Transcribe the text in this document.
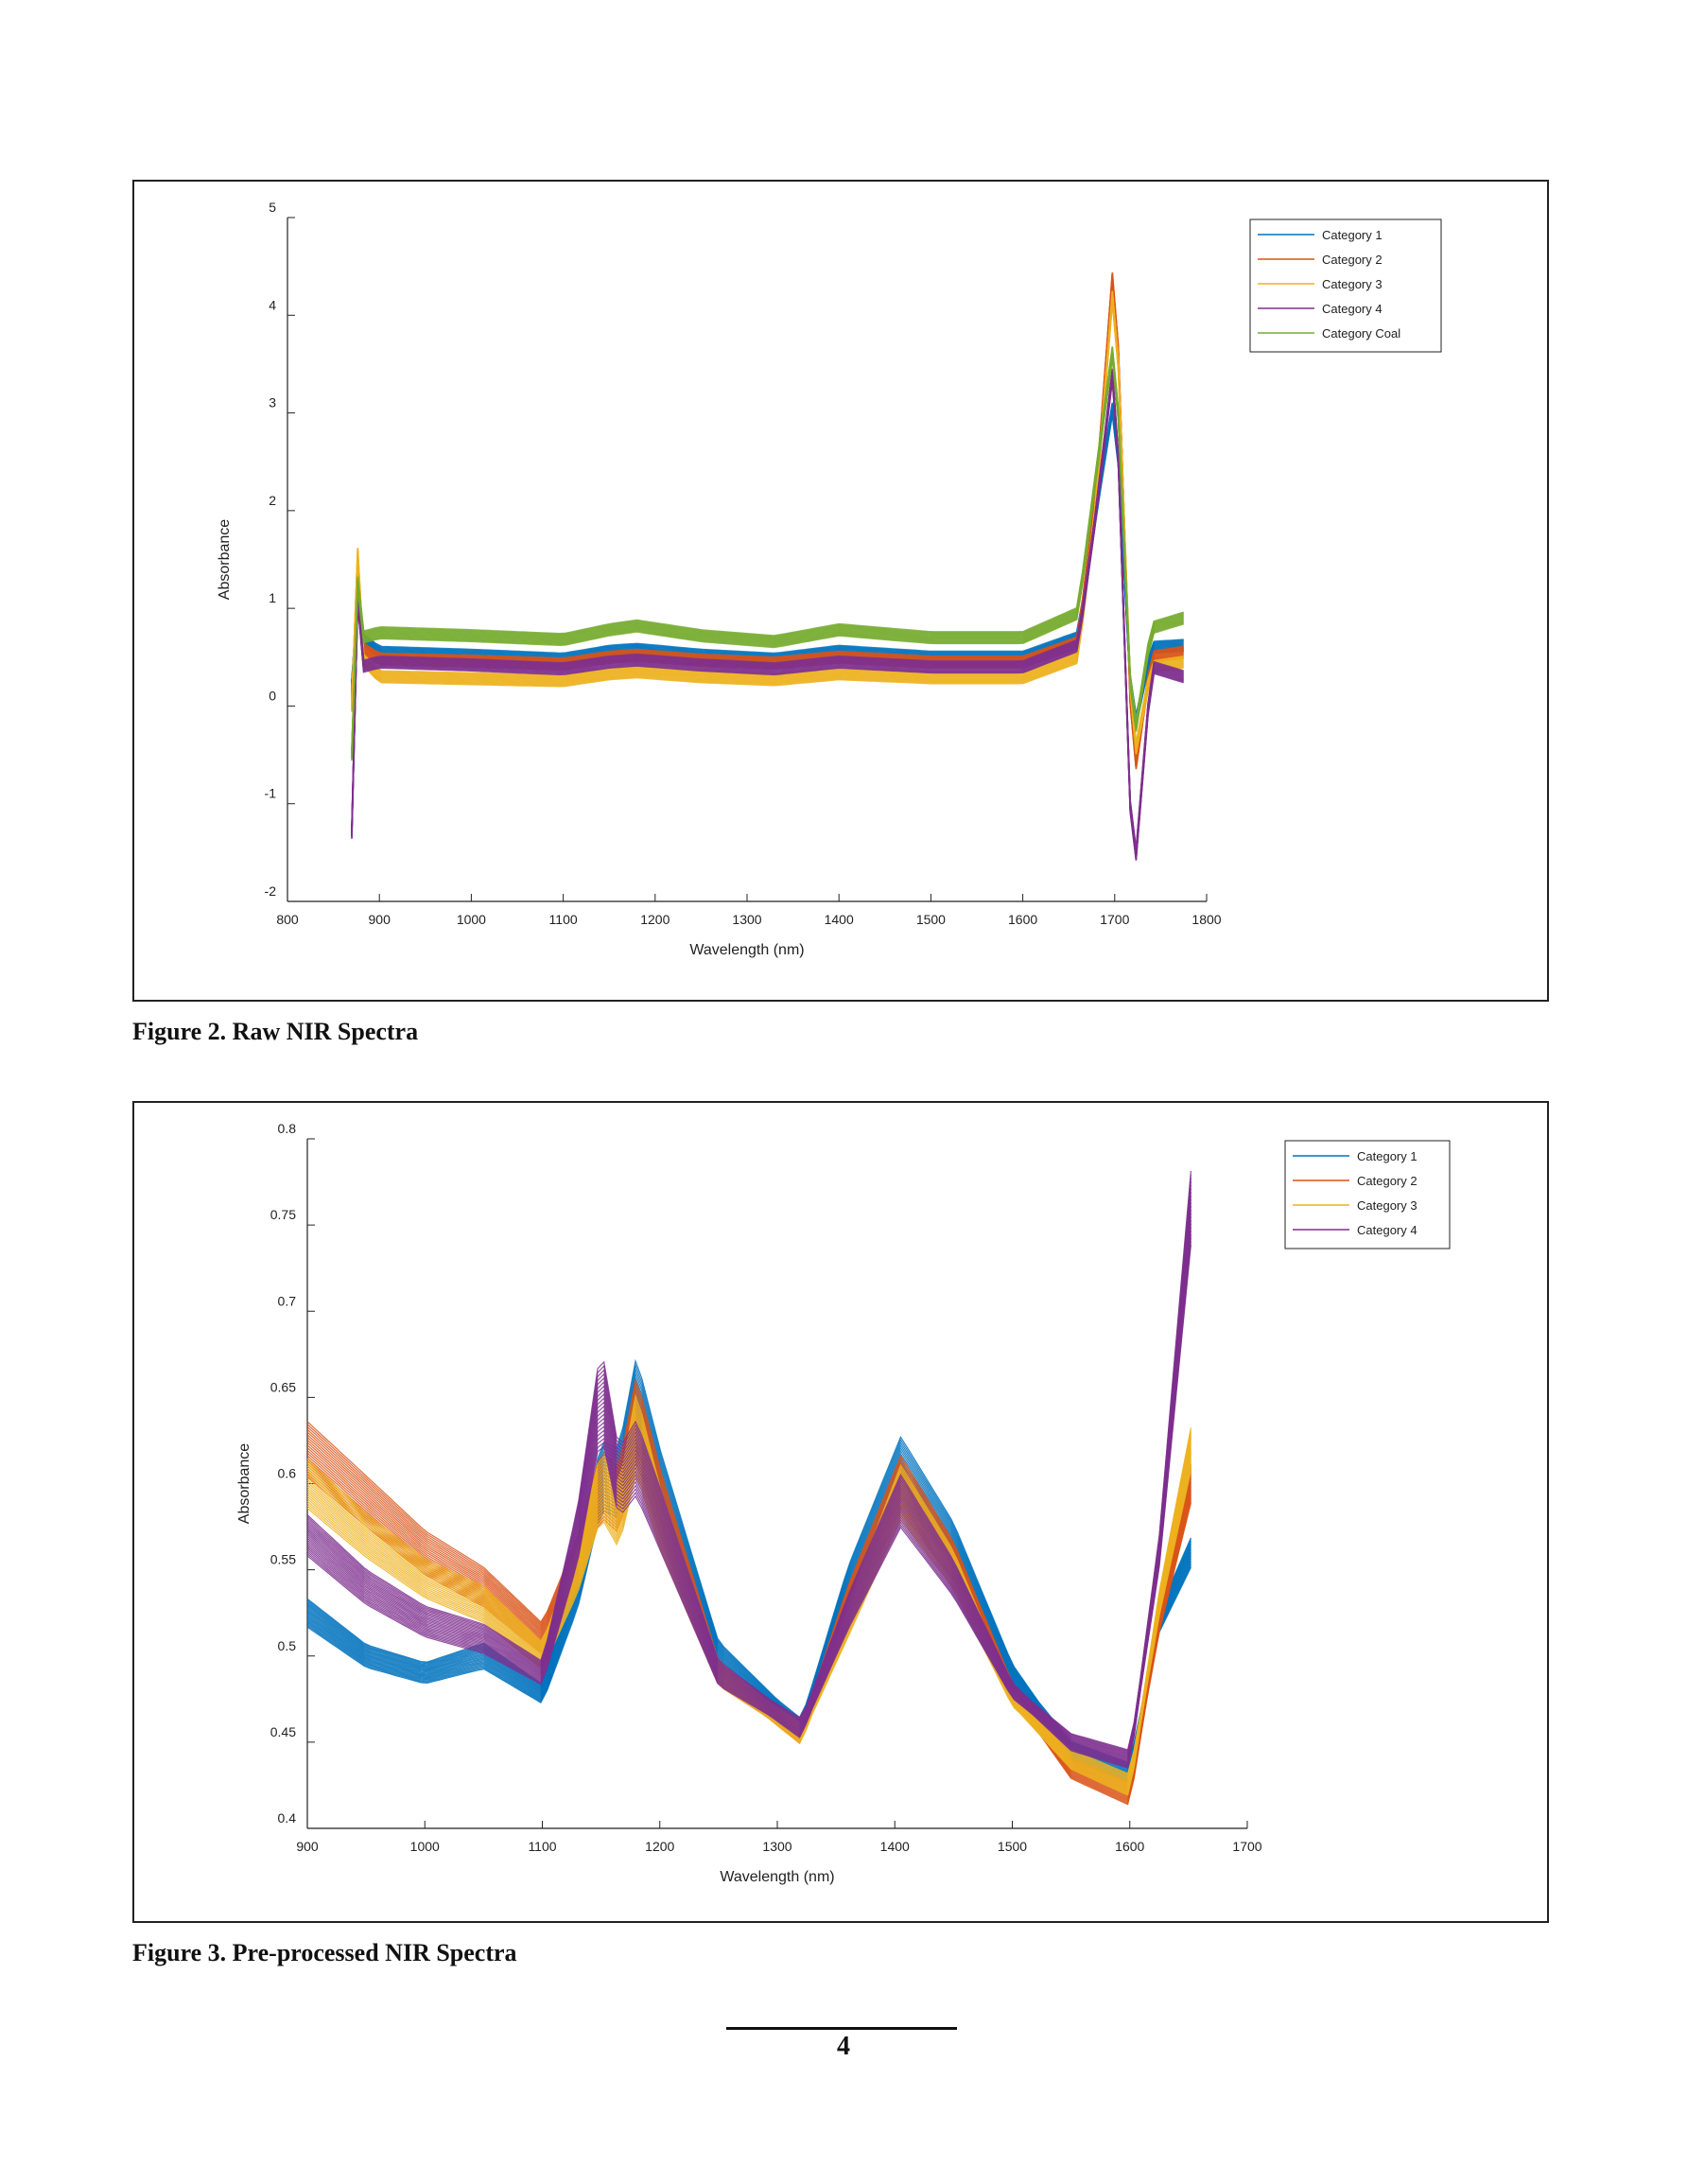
800	900	1000	1100	1200	1300	1400	1500	1600	1700	1800
5
4
3
2
1
0
-1
-2
Wavelength (nm)
Absorbance
Category 1
Category 2
Category 3
Category 4
Category Coal
Figure 2. Raw NIR Spectra
900	1000	1100	1200	1300	1400	1500	1600	1700
0.8
0.75
0.7
0.65
0.6
0.55
0.5
0.45
0.4
Wavelength (nm)
Absorbance
Category 1
Category 2
Category 3
Category 4
Figure 3. Pre-processed NIR Spectra
4
